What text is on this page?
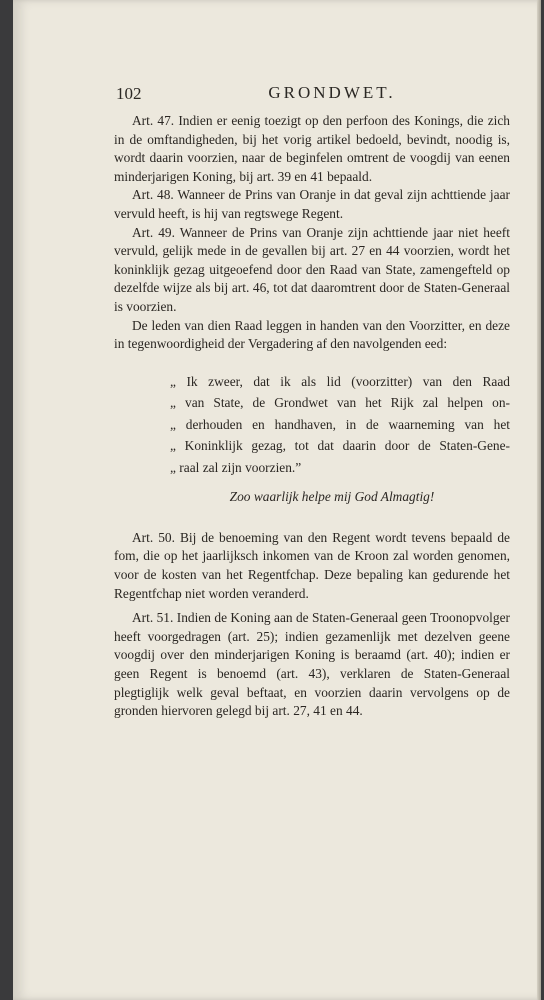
102	GRONDWET.

Art. 47. Indien er eenig toezigt op den perfoon des Konings, die zich in de omftandigheden, bij het vorig artikel bedoeld, bevindt, noodig is, wordt daarin voorzien, naar de beginfelen omtrent de voogdij van eenen minderjarigen Koning, bij art. 39 en 41 bepaald.

Art. 48. Wanneer de Prins van Oranje in dat geval zijn achttiende jaar vervuld heeft, is hij van regtswege Regent.

Art. 49. Wanneer de Prins van Oranje zijn achttiende jaar niet heeft vervuld, gelijk mede in de gevallen bij art. 27 en 44 voorzien, wordt het koninklijk gezag uitgeoefend door den Raad van State, zamengefteld op dezelfde wijze als bij art. 46, tot dat daaromtrent door de Staten-Generaal is voorzien.

De leden van dien Raad leggen in handen van den Voorzitter, en deze in tegenwoordigheid der Vergadering af den navolgenden eed:

„ Ik zweer, dat ik als lid (voorzitter) van den Raad
„ van State, de Grondwet van het Rijk zal helpen on-
„ derhouden en handhaven, in de waarneming van het
„ Koninklijk gezag, tot dat daarin door de Staten-Gene-
„ raal zal zijn voorzien.”

Zoo waarlijk helpe mij God Almagtig!

Art. 50. Bij de benoeming van den Regent wordt tevens bepaald de fom, die op het jaarlijksch inkomen van de Kroon zal worden genomen, voor de kosten van het Regentfchap. Deze bepaling kan gedurende het Regentfchap niet worden veranderd.

Art. 51. Indien de Koning aan de Staten-Generaal geen Troonopvolger heeft voorgedragen (art. 25); indien gezamenlijk met dezelven geene voogdij over den minderjarigen Koning is beraamd (art. 40); indien er geen Regent is benoemd (art. 43), verklaren de Staten-Generaal plegtiglijk welk geval beftaat, en voorzien daarin vervolgens op de gronden hiervoren gelegd bij art. 27, 41 en 44.
